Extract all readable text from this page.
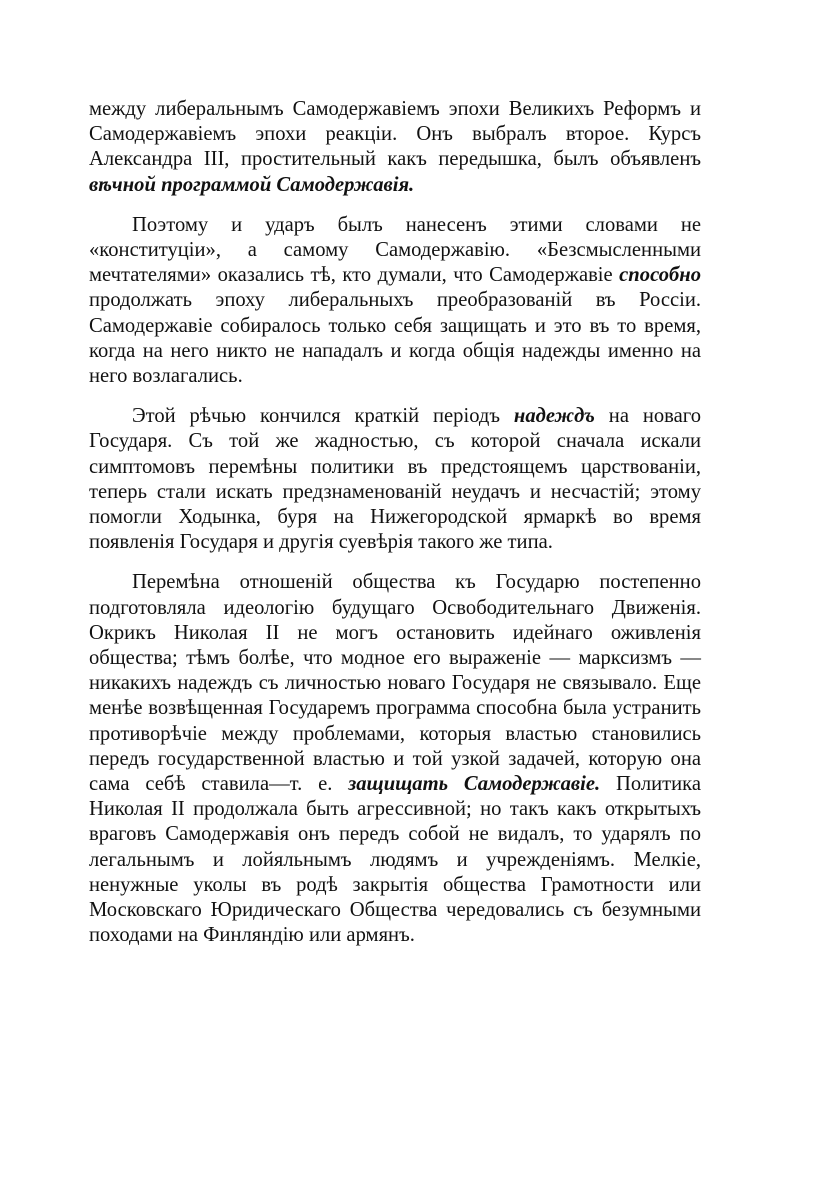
между либеральнымъ Самодержавіемъ эпохи Великихъ Реформъ и Самодержавіемъ эпохи реакціи. Онъ выбралъ второе. Курсъ Александра III, простительный какъ передышка, былъ объявленъ вѣчной программой Самодержавія.

Поэтому и ударъ былъ нанесенъ этими словами не «конституціи», а самому Самодержавію. «Безсмысленными мечтателями» оказались тѣ, кто думали, что Самодержавіе способно продолжать эпоху либеральныхъ преобразованій въ Россіи. Самодержавіе собиралось только себя защищать и это въ то время, когда на него никто не нападалъ и когда общія надежды именно на него возлагались.

Этой рѣчью кончился краткій періодъ надеждъ на новаго Государя. Съ той же жадностью, съ которой сначала искали симптомовъ перемѣны политики въ предстоящемъ царствованіи, теперь стали искать предзнаменованій неудачъ и несчастій; этому помогли Ходынка, буря на Нижегородской ярмаркѣ во время появленія Государя и другія суевѣрія такого же типа.

Перемѣна отношеній общества къ Государю постепенно подготовляла идеологію будущаго Освободительнаго Движенія. Окрикъ Николая II не могъ остановить идейнаго оживленія общества; тѣмъ болѣе, что модное его выраженіе — марксизмъ — никакихъ надеждъ съ личностью новаго Государя не связывало. Еще менѣе возвѣщенная Государемъ программа способна была устранить противорѣчіе между проблемами, которыя властью становились передъ государственной властью и той узкой задачей, которую она сама себѣ ставила—т. е. защищать Самодержавіе. Политика Николая II продолжала быть агрессивной; но такъ какъ открытыхъ враговъ Самодержавія онъ передъ собой не видалъ, то ударялъ по легальнымъ и лойяльнымъ людямъ и учрежденіямъ. Мелкіе, ненужные уколы въ родѣ закрытія общества Грамотности или Московскаго Юридическаго Общества чередовались съ безумными походами на Финляндію или армянъ.
